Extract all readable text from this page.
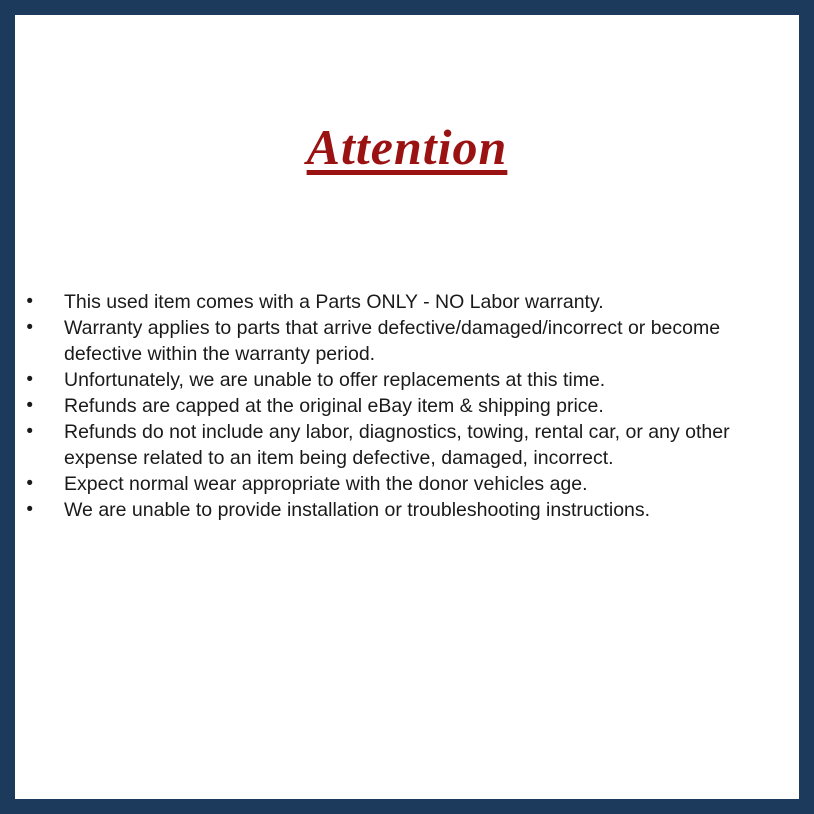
Attention
•	This used item comes with a Parts ONLY - NO Labor warranty.
•	Warranty applies to parts that arrive defective/damaged/incorrect or become defective within the warranty period.
•	Unfortunately, we are unable to offer replacements at this time.
•	Refunds are capped at the original eBay item & shipping price.
•	Refunds do not include any labor, diagnostics, towing, rental car, or any other expense related to an item being defective, damaged, incorrect.
•	Expect normal wear appropriate with the donor vehicles age.
•	We are unable to provide installation or troubleshooting instructions.
